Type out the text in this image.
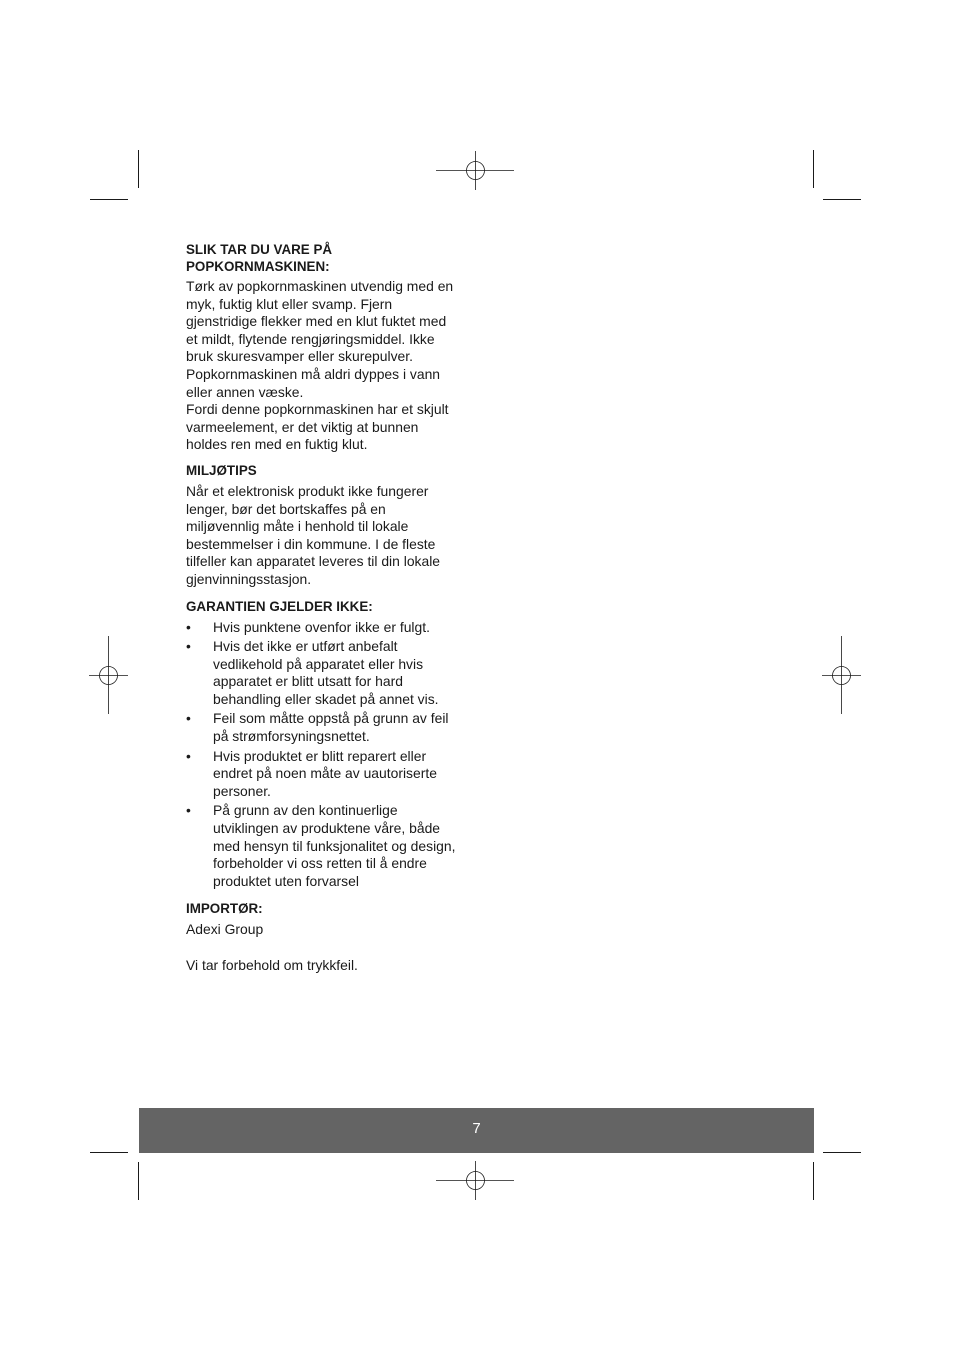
SLIK TAR DU VARE PÅ
POPKORNMASKINEN:
Tørk av popkornmaskinen utvendig med en
myk, fuktig klut eller svamp. Fjern
gjenstridige flekker med en klut fuktet med
et mildt, flytende rengjøringsmiddel. Ikke
bruk skuresvamper eller skurepulver.
Popkornmaskinen må aldri dyppes i vann
eller annen væske.
Fordi denne popkornmaskinen har et skjult
varmeelement, er det viktig at bunnen
holdes ren med en fuktig klut.
MILJØTIPS
Når et elektronisk produkt ikke fungerer
lenger, bør det bortskaffes på en
miljøvennlig måte i henhold til lokale
bestemmelser i din kommune. I de fleste
tilfeller kan apparatet leveres til din lokale
gjenvinningsstasjon.
GARANTIEN GJELDER IKKE:
• Hvis punktene ovenfor ikke er fulgt.
• Hvis det ikke er utført anbefalt
vedlikehold på apparatet eller hvis
apparatet er blitt utsatt for hard
behandling eller skadet på annet vis.
• Feil som måtte oppstå på grunn av feil
på strømforsyningsnettet.
• Hvis produktet er blitt reparert eller
endret på noen måte av uautoriserte
personer.
• På grunn av den kontinuerlige
utviklingen av produktene våre, både
med hensyn til funksjonalitet og design,
forbeholder vi oss retten til å endre
produktet uten forvarsel
IMPORTØR:

Adexi Group

Vi tar forbehold om trykkfeil.

7
